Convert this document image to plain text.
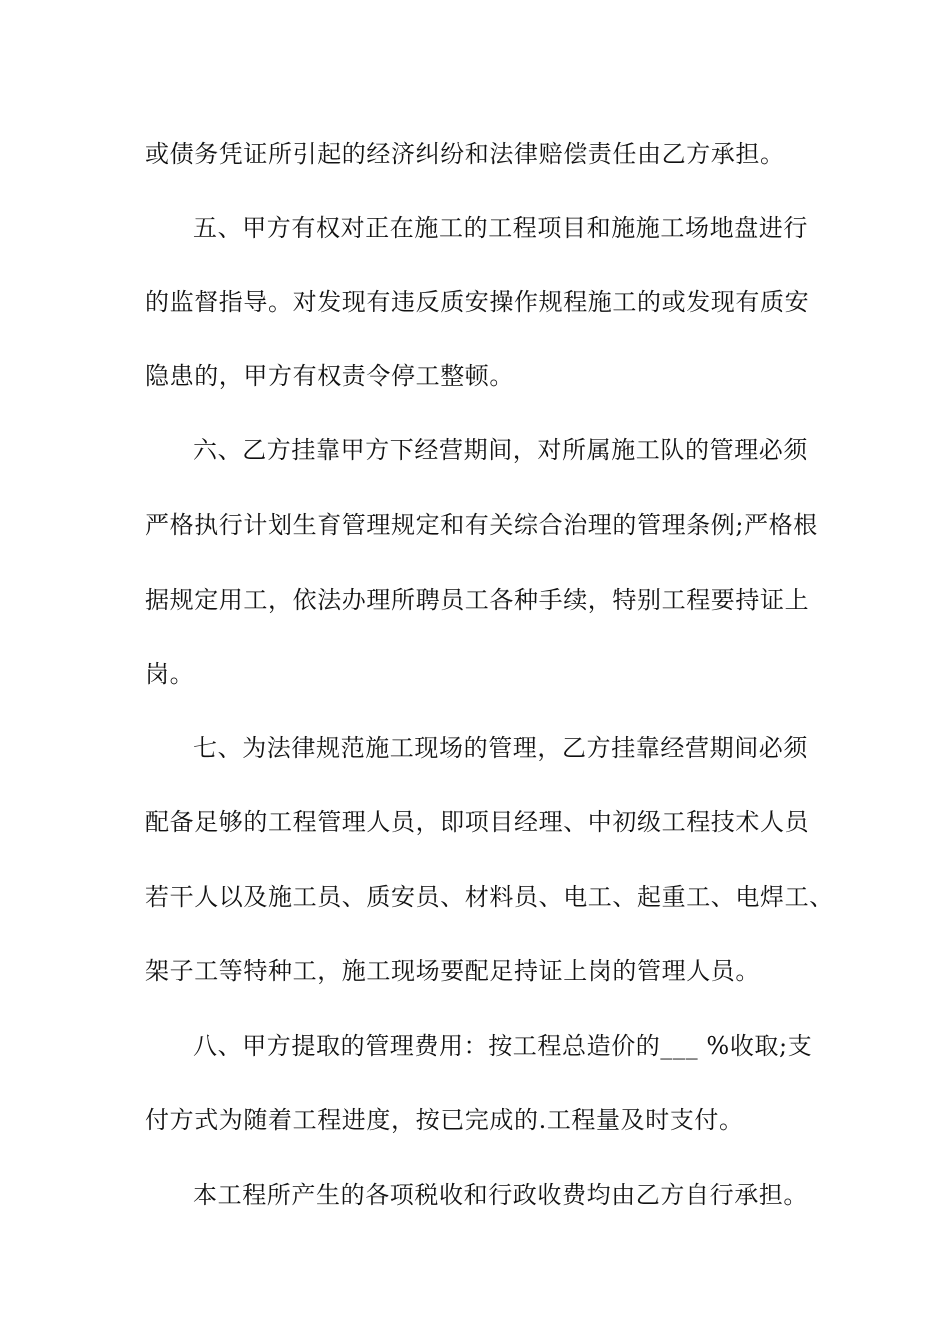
或债务凭证所引起的经济纠纷和法律赔偿责任由乙方承担。
五、甲方有权对正在施工的工程项目和施施工场地盘进行
的监督指导。对发现有违反质安操作规程施工的或发现有质安
隐患的，甲方有权责令停工整顿。
六、乙方挂靠甲方下经营期间，对所属施工队的管理必须
严格执行计划生育管理规定和有关综合治理的管理条例;严格根
据规定用工，依法办理所聘员工各种手续，特别工程要持证上
岗。
七、为法律规范施工现场的管理，乙方挂靠经营期间必须
配备足够的工程管理人员，即项目经理、中初级工程技术人员
若干人以及施工员、质安员、材料员、电工、起重工、电焊工、
架子工等特种工，施工现场要配足持证上岗的管理人员。
八、甲方提取的管理费用：按工程总造价的___ %收取;支
付方式为随着工程进度，按已完成的.工程量及时支付。
本工程所产生的各项税收和行政收费均由乙方自行承担。
